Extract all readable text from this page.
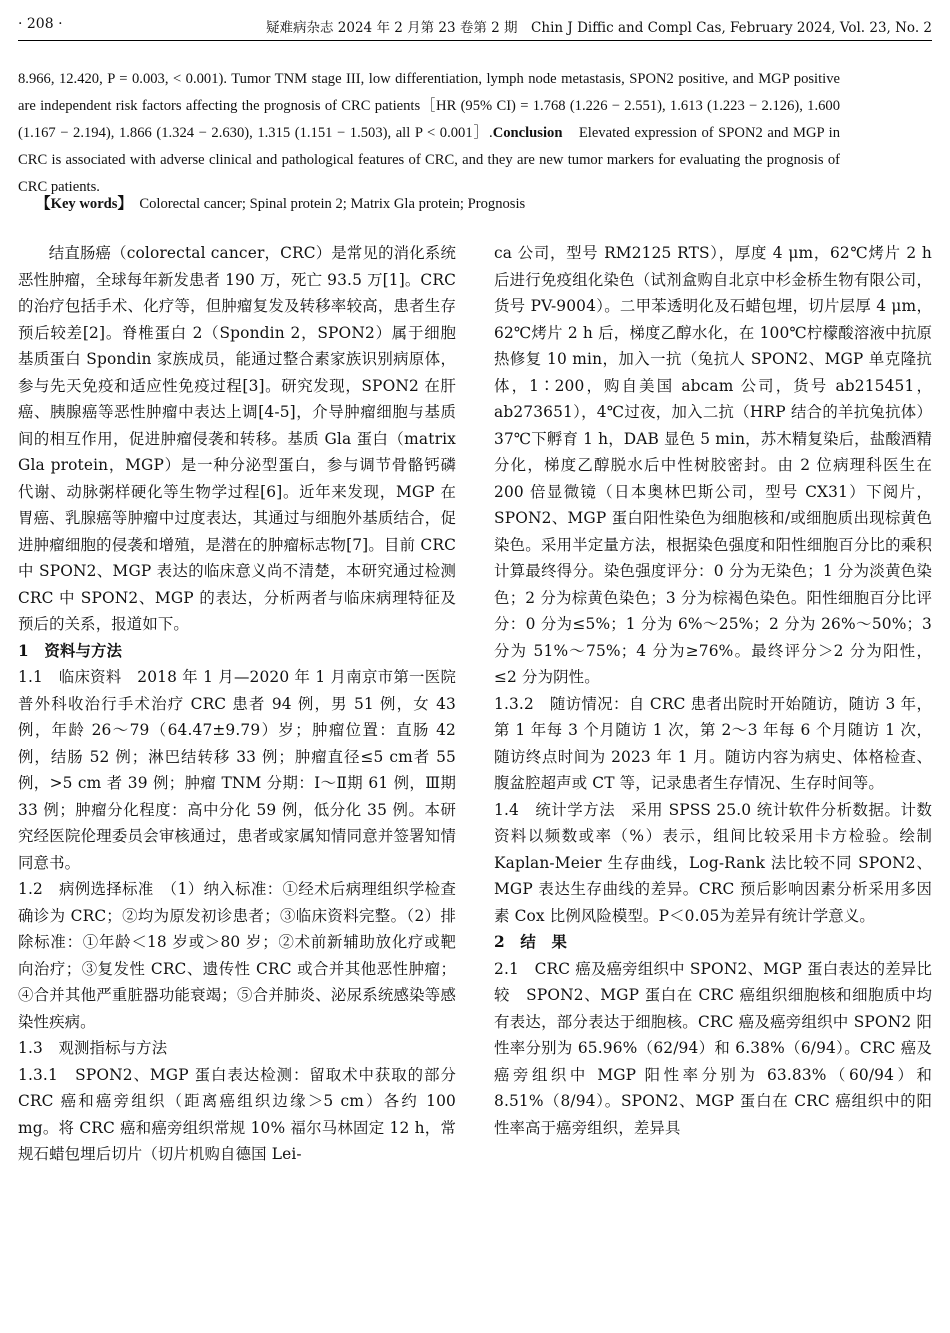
· 208 ·	疑难病杂志 2024 年 2 月第 23 卷第 2 期　Chin J Diffic and Compl Cas, February 2024, Vol. 23, No. 2

8.966, 12.420, P = 0.003, < 0.001). Tumor TNM stage III, low differentiation, lymph node metastasis, SPON2 positive, and MGP positive are independent risk factors affecting the prognosis of CRC patients［HR (95% CI) = 1.768 (1.226 − 2.551), 1.613 (1.223 − 2.126), 1.600 (1.167 − 2.194), 1.866 (1.324 − 2.630), 1.315 (1.151 − 1.503), all P < 0.001］.Conclusion　Elevated expression of SPON2 and MGP in CRC is associated with adverse clinical and pathological features of CRC, and they are new tumor markers for evaluating the prognosis of CRC patients.

【Key words】　Colorectal cancer; Spinal protein 2; Matrix Gla protein; Prognosis

结直肠癌（colorectal cancer，CRC）是常见的消化系统恶性肿瘤，全球每年新发患者 190 万，死亡 93.5 万[1]。CRC 的治疗包括手术、化疗等，但肿瘤复发及转移率较高，患者生存预后较差[2]。脊椎蛋白 2（Spondin 2，SPON2）属于细胞基质蛋白 Spondin 家族成员，能通过整合素家族识别病原体，参与先天免疫和适应性免疫过程[3]。研究发现，SPON2 在肝癌、胰腺癌等恶性肿瘤中表达上调[4-5]，介导肿瘤细胞与基质间的相互作用，促进肿瘤侵袭和转移。基质 Gla 蛋白（matrix Gla protein，MGP）是一种分泌型蛋白，参与调节骨骼钙磷代谢、动脉粥样硬化等生物学过程[6]。近年来发现，MGP 在胃癌、乳腺癌等肿瘤中过度表达，其通过与细胞外基质结合，促进肿瘤细胞的侵袭和增殖，是潜在的肿瘤标志物[7]。目前 CRC 中 SPON2、MGP 表达的临床意义尚不清楚，本研究通过检测 CRC 中 SPON2、MGP 的表达，分析两者与临床病理特征及预后的关系，报道如下。

1　资料与方法

1.1　临床资料　2018 年 1 月—2020 年 1 月南京市第一医院普外科收治行手术治疗 CRC 患者 94 例，男 51 例，女 43 例，年龄 26～79（64.47±9.79）岁；肿瘤位置：直肠 42 例，结肠 52 例；淋巴结转移 33 例；肿瘤直径≤5 cm者 55 例，>5 cm 者 39 例；肿瘤 TNM 分期：Ⅰ～Ⅱ期 61 例，Ⅲ期 33 例；肿瘤分化程度：高中分化 59 例，低分化 35 例。本研究经医院伦理委员会审核通过，患者或家属知情同意并签署知情同意书。

1.2　病例选择标准　（1）纳入标准：①经术后病理组织学检查确诊为 CRC；②均为原发初诊患者；③临床资料完整。（2）排除标准：①年龄＜18 岁或＞80 岁；②术前新辅助放化疗或靶向治疗；③复发性 CRC、遗传性 CRC 或合并其他恶性肿瘤；④合并其他严重脏器功能衰竭；⑤合并肺炎、泌尿系统感染等感染性疾病。

1.3　观测指标与方法

1.3.1　SPON2、MGP 蛋白表达检测：留取术中获取的部分 CRC 癌和癌旁组织（距离癌组织边缘＞5 cm）各约 100 mg。将 CRC 癌和癌旁组织常规 10% 福尔马林固定 12 h，常规石蜡包埋后切片（切片机购自德国 Lei-

ca 公司，型号 RM2125 RTS），厚度 4 μm，62℃烤片 2 h 后进行免疫组化染色（试剂盒购自北京中杉金桥生物有限公司，货号 PV-9004）。二甲苯透明化及石蜡包埋，切片层厚 4 μm，62℃烤片 2 h 后，梯度乙醇水化，在 100℃柠檬酸溶液中抗原热修复 10 min，加入一抗（兔抗人 SPON2、MGP 单克隆抗体，1∶200，购自美国 abcam 公司，货号 ab215451，ab273651），4℃过夜，加入二抗（HRP 结合的羊抗兔抗体）37℃下孵育 1 h，DAB 显色 5 min，苏木精复染后，盐酸酒精分化，梯度乙醇脱水后中性树胶密封。由 2 位病理科医生在 200 倍显微镜（日本奥林巴斯公司，型号 CX31）下阅片，SPON2、MGP 蛋白阳性染色为细胞核和/或细胞质出现棕黄色染色。采用半定量方法，根据染色强度和阳性细胞百分比的乘积计算最终得分。染色强度评分：0 分为无染色；1 分为淡黄色染色；2 分为棕黄色染色；3 分为棕褐色染色。阳性细胞百分比评分：0 分为≤5%；1 分为 6%～25%；2 分为 26%～50%；3 分为 51%～75%；4 分为≥76%。最终评分＞2 分为阳性，≤2 分为阴性。

1.3.2　随访情况：自 CRC 患者出院时开始随访，随访 3 年，第 1 年每 3 个月随访 1 次，第 2～3 年每 6 个月随访 1 次，随访终点时间为 2023 年 1 月。随访内容为病史、体格检查、腹盆腔超声或 CT 等，记录患者生存情况、生存时间等。

1.4　统计学方法　采用 SPSS 25.0 统计软件分析数据。计数资料以频数或率（%）表示，组间比较采用卡方检验。绘制 Kaplan-Meier 生存曲线，Log-Rank 法比较不同 SPON2、MGP 表达生存曲线的差异。CRC 预后影响因素分析采用多因素 Cox 比例风险模型。P＜0.05为差异有统计学意义。

2　结　果

2.1　CRC 癌及癌旁组织中 SPON2、MGP 蛋白表达的差异比较　SPON2、MGP 蛋白在 CRC 癌组织细胞核和细胞质中均有表达，部分表达于细胞核。CRC 癌及癌旁组织中 SPON2 阳性率分别为 65.96%（62/94）和 6.38%（6/94）。CRC 癌及癌旁组织中 MGP 阳性率分别为 63.83%（60/94）和 8.51%（8/94）。SPON2、MGP 蛋白在 CRC 癌组织中的阳性率高于癌旁组织，差异具
